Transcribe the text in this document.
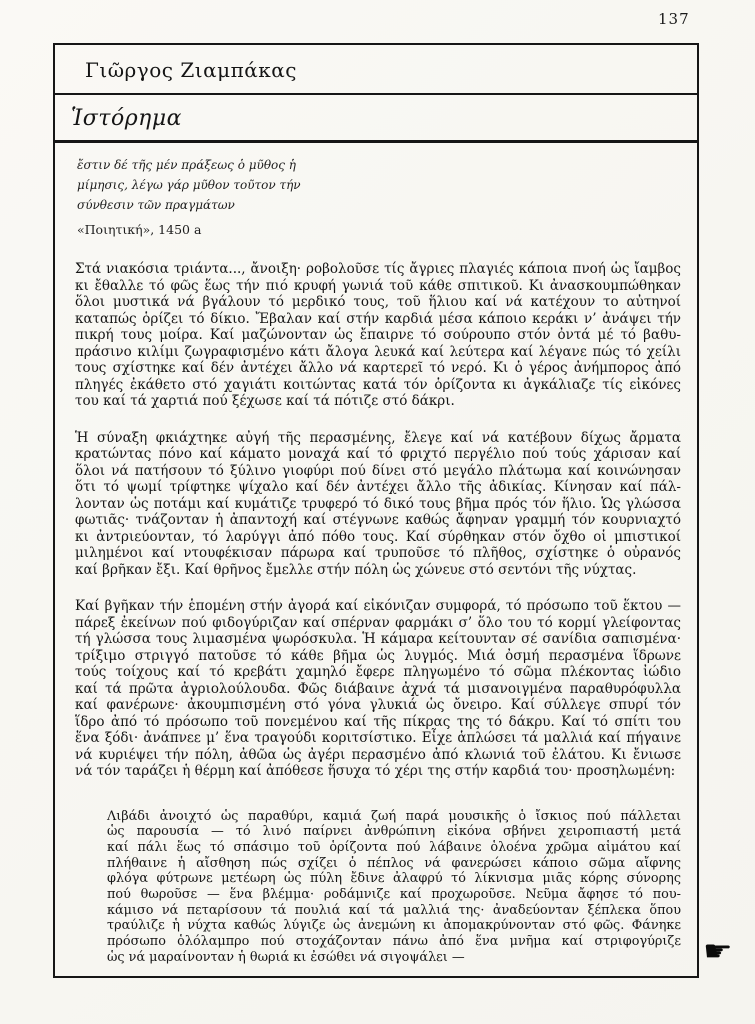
137
Γιῶργος Ζιαμπάκας
Ἱστόρημα
ἔστιν δέ τῆς μέν πράξεως ὁ μῦθος ἡ
μίμησις, λέγω γάρ μῦθον τοῦτον τήν
σύνθεσιν τῶν πραγμάτων
«Ποιητική», 1450 a
Στά νιακόσια τριάντα..., ἄνοιξη· ροβολοῦσε τίς ἄγριες πλαγιές κάποια πνοή ὡς ἴαμβος
κι ἔθαλλε τό φῶς ἕως τήν πιό κρυφή γωνιά τοῦ κάθε σπιτικοῦ. Κι ἀνασκουμπώθηκαν
ὅλοι μυστικά νά βγάλουν τό μερδικό τους, τοῦ ἥλιου καί νά κατέχουν το αὐτηνοί
καταπώς ὁρίζει τό δίκιο. Ἔβαλαν καί στήν καρδιά μέσα κάποιο κεράκι ν’ ἀνάψει τήν
πικρή τους μοίρα. Καί μαζώνονταν ὡς ἔπαιρνε τό σούρουπο στόν ὀντά μέ τό βαθυ-
πράσινο κιλίμι ζωγραφισμένο κάτι ἄλογα λευκά καί λεύτερα καί λέγανε πώς τό χείλι
τους σχίστηκε καί δέν ἀντέχει ἄλλο νά καρτερεῖ τό νερό. Κι ὁ γέρος ἀνήμπορος ἀπό
πληγές ἐκάθετο στό χαγιάτι κοιτώντας κατά τόν ὁρίζοντα κι ἀγκάλιαζε τίς εἰκόνες
του καί τά χαρτιά πού ξέχωσε καί τά πότιζε στό δάκρι.
Ἡ σύναξη φκιάχτηκε αὐγή τῆς περασμένης, ἔλεγε καί νά κατέβουν δίχως ἄρματα
κρατώντας πόνο καί κάματο μοναχά καί τό φριχτό περγέλιο πού τούς χάρισαν καί
ὅλοι νά πατήσουν τό ξύλινο γιοφύρι πού δίνει στό μεγάλο πλάτωμα καί κοινώνησαν
ὅτι τό ψωμί τρίφτηκε ψίχαλο καί δέν ἀντέχει ἄλλο τῆς ἀδικίας. Κίνησαν καί πάλ-
λονταν ὡς ποτάμι καί κυμάτιζε τρυφερό τό δικό τους βῆμα πρός τόν ἥλιο. Ὡς γλώσσα
φωτιᾶς· τνάζονταν ἡ ἀπαντοχή καί στέγνωνε καθώς ἄφηναν γραμμή τόν κουρνιαχτό
κι ἀντριεύονταν, τό λαρύγγι ἀπό πόθο τους. Καί σύρθηκαν στόν ὄχθο οἱ μπιστικοί
μιλημένοι καί ντουφέκισαν πάρωρα καί τρυποῦσε τό πλῆθος, σχίστηκε ὁ οὐρανός
καί βρῆκαν ἔξι. Καί θρῆνος ἔμελλε στήν πόλη ὡς χώνευε στό σεντόνι τῆς νύχτας.
Καί βγῆκαν τήν ἑπομένη στήν ἀγορά καί εἰκόνιζαν συμφορά, τό πρόσωπο τοῦ ἕκτου —
πάρεξ ἐκείνων πού φιδογύριζαν καί σπέρναν φαρμάκι σ’ ὅλο του τό κορμί γλείφοντας
τή γλώσσα τους λιμασμένα ψωρόσκυλα. Ἡ κάμαρα κείτουνταν σέ σανίδια σαπισμένα·
τρίξιμο στριγγό πατοῦσε τό κάθε βῆμα ὡς λυγμός. Μιά ὀσμή περασμένα ἵδρωνε
τούς τοίχους καί τό κρεβάτι χαμηλό ἔφερε πληγωμένο τό σῶμα πλέκοντας ἰώδιο
καί τά πρῶτα ἀγριολούλουδα. Φῶς διάβαινε ἀχνά τά μισανοιγμένα παραθυρόφυλλα
καί φανέρωνε· ἀκουμπισμένη στό γόνα γλυκιά ὡς ὄνειρο. Καί σύλλεγε σπυρί τόν
ἵδρο ἀπό τό πρόσωπο τοῦ πονεμένου καί τῆς πίκρας της τό δάκρυ. Καί τό σπίτι του
ἕνα ξόδι· ἀνάπνεε μ’ ἕνα τραγούδι κοριτσίστικο. Εἶχε ἁπλώσει τά μαλλιά καί πήγαινε
νά κυριέψει τήν πόλη, ἀθῶα ὡς ἀγέρι περασμένο ἀπό κλωνιά τοῦ ἐλάτου. Κι ἔνιωσε
νά τόν ταράζει ἡ θέρμη καί ἀπόθεσε ἥσυχα τό χέρι της στήν καρδιά του· προσηλωμένη:
Λιβάδι ἀνοιχτό ὡς παραθύρι, καμιά ζωή παρά μουσικῆς ὁ ἴσκιος πού πάλλεται
ὡς παρουσία — τό λινό παίρνει ἀνθρώπινη εἰκόνα σβήνει χειροπιαστή μετά
καί πάλι ἕως τό σπάσιμο τοῦ ὁρίζοντα πού λάβαινε ὁλοένα χρῶμα αἱμάτου καί
πλήθαινε ἡ αἴσθηση πώς σχίζει ὁ πέπλος νά φανερώσει κάποιο σῶμα αἴφνης
φλόγα φύτρωνε μετέωρη ὡς πύλη ἔδινε ἀλαφρύ τό λίκνισμα μιᾶς κόρης σύνορης
πού θωροῦσε — ἕνα βλέμμα· ροδάμνιζε καί προχωροῦσε. Νεῦμα ἄφησε τό που-
κάμισο νά πεταρίσουν τά πουλιά καί τά μαλλιά της· ἀναδεύονταν ξέπλεκα ὅπου
τραύλιζε ἡ νύχτα καθώς λύγιζε ὡς ἀνεμώνη κι ἀπομακρύνονταν στό φῶς. Φάνηκε
πρόσωπο ὁλόλαμπρο πού στοχάζονταν πάνω ἀπό ἕνα μνῆμα καί στριφογύριζε
ὡς νά μαραίνονταν ἡ θωριά κι ἐσώθει νά σιγοψάλει —	☛
